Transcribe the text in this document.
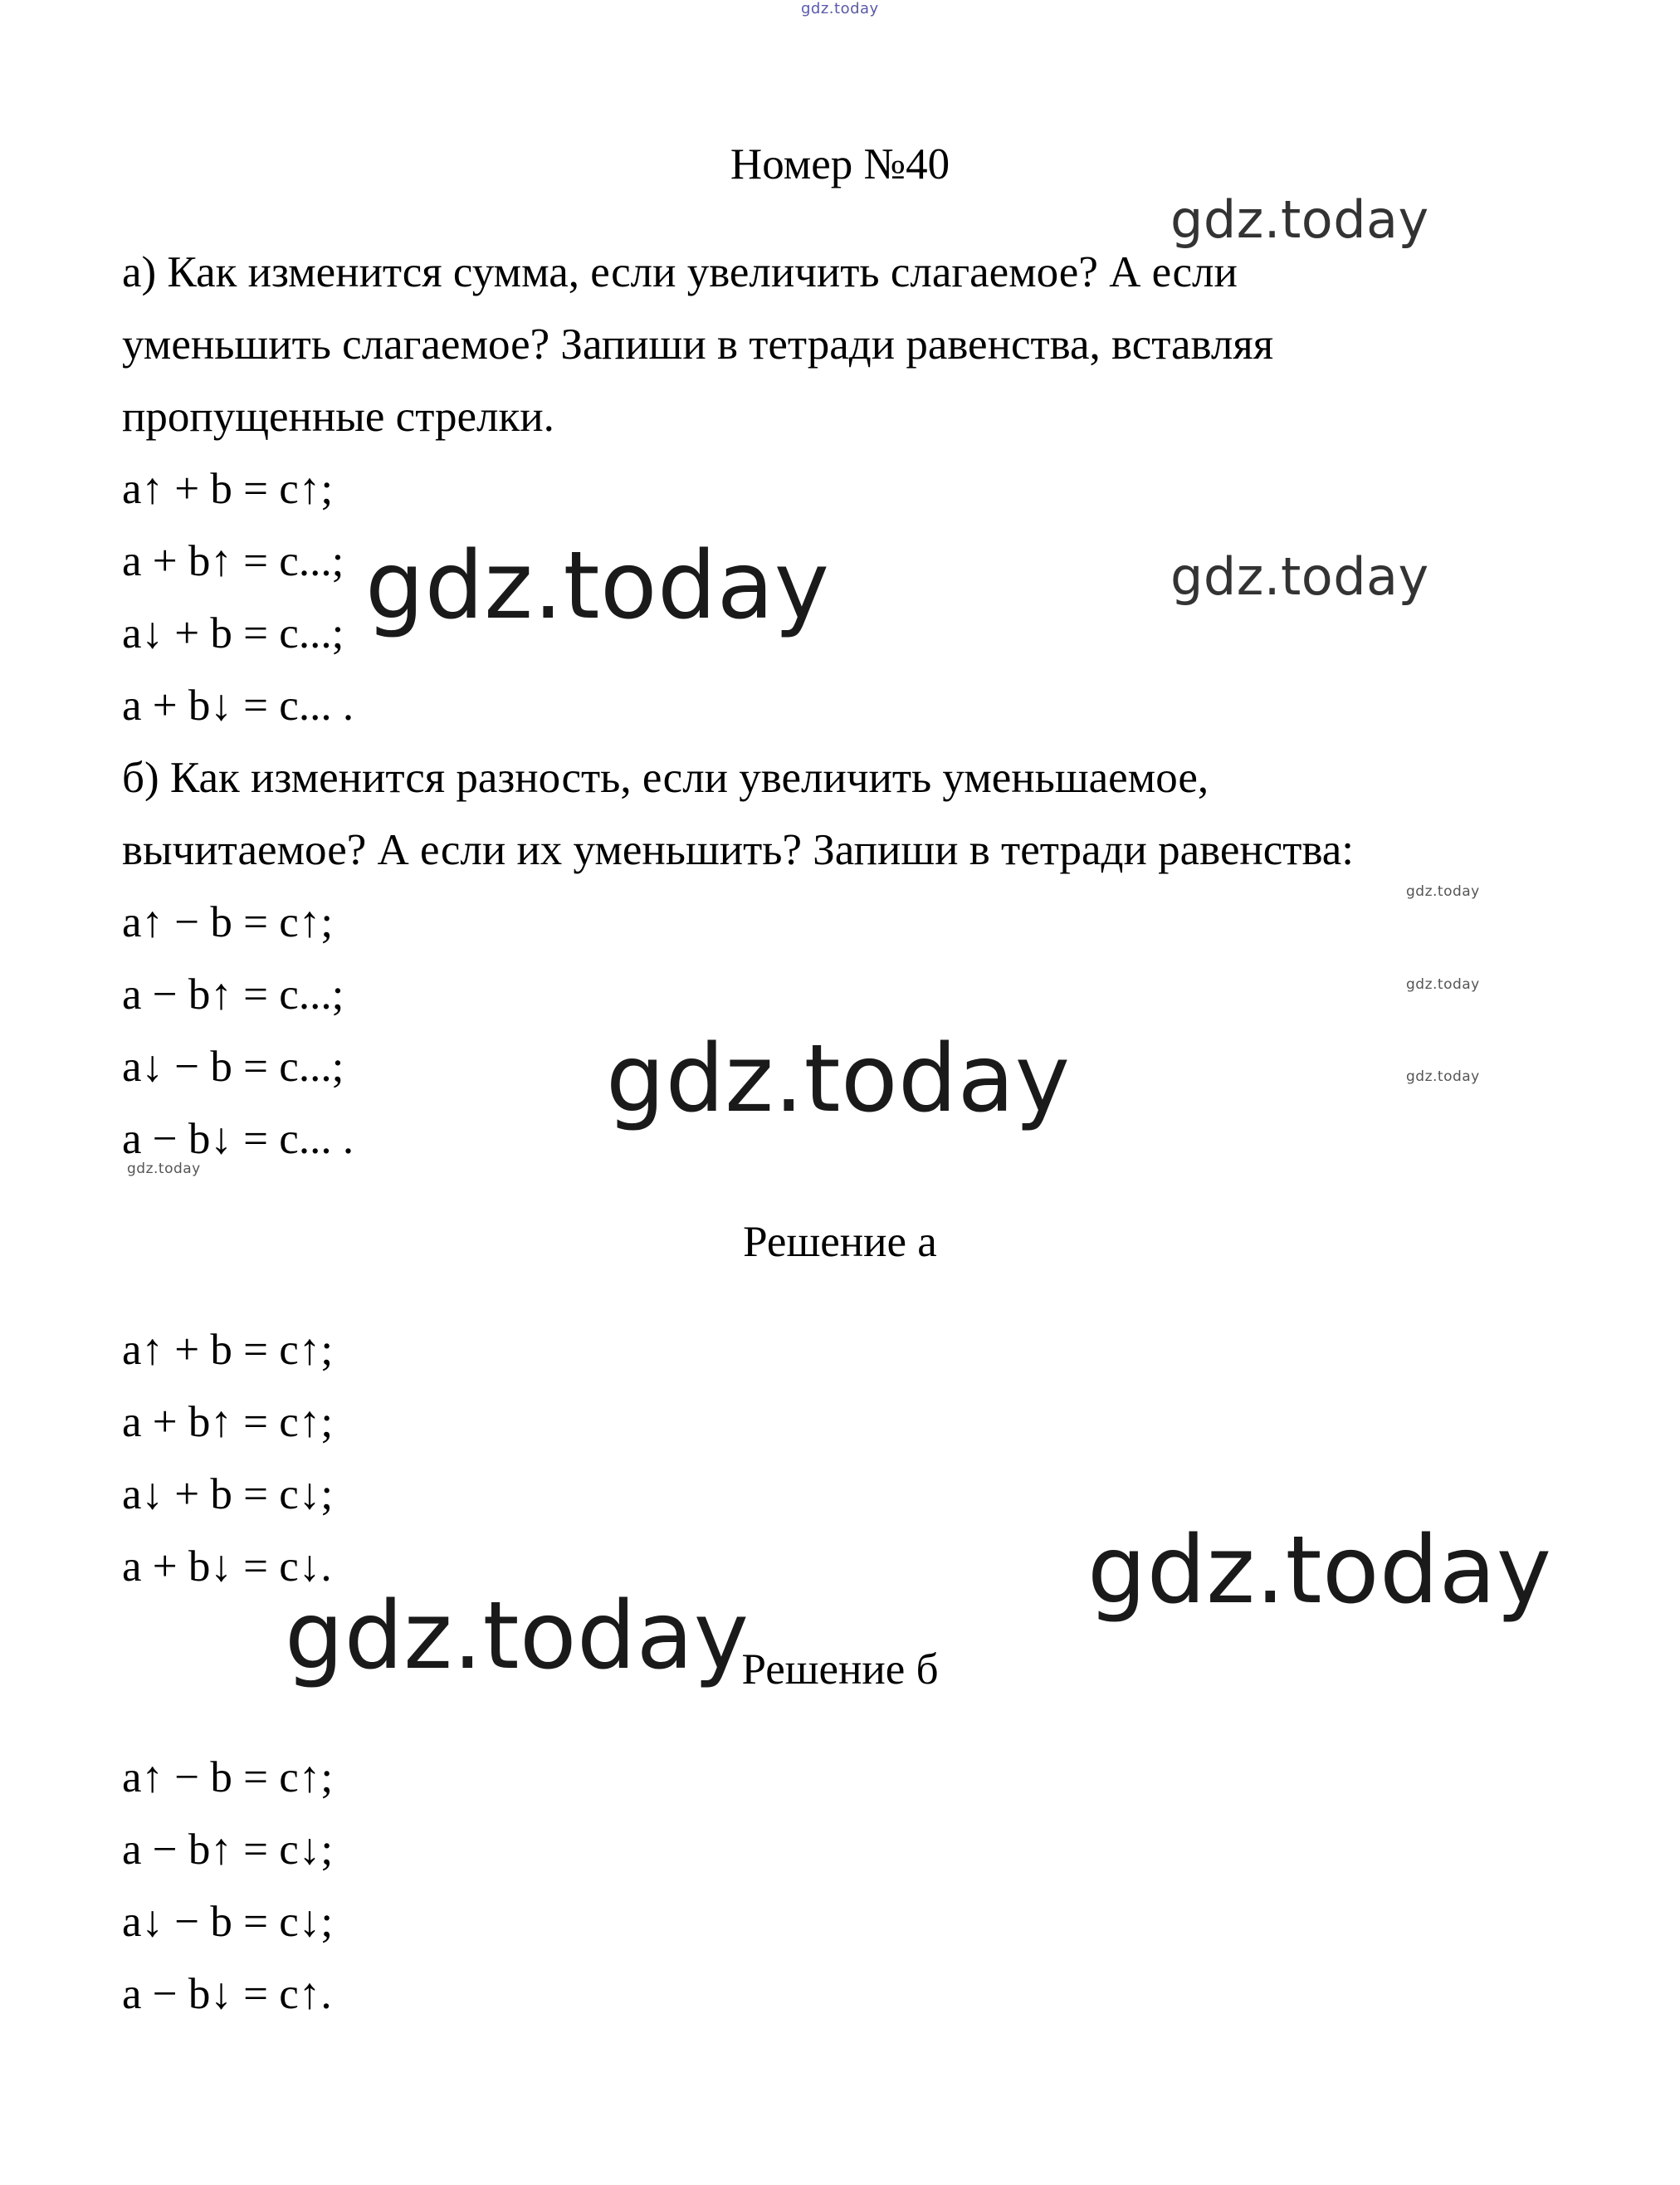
gdz.today
Номер №40
а) Как изменится сумма, если увеличить слагаемое? А если
уменьшить слагаемое? Запиши в тетради равенства, вставляя
пропущенные стрелки.
a↑ + b = c↑;
a + b↑ = c...;
a↓ + b = c...;
a + b↓ = c... .
б) Как изменится разность, если увеличить уменьшаемое,
вычитаемое? А если их уменьшить? Запиши в тетради равенства:
a↑ − b = c↑;
a − b↑ = c...;
a↓ − b = c...;
a − b↓ = c... .
Решение а
a↑ + b = c↑;
a + b↑ = c↑;
a↓ + b = c↓;
a + b↓ = c↓.
Решение б
a↑ − b = c↑;
a − b↑ = c↓;
a↓ − b = c↓;
a − b↓ = c↑.
gdz.today
gdz.today	gdz.today
gdz.today
gdz.today
gdz.today
gdz.today
gdz.today
gdz.today
gdz.today
